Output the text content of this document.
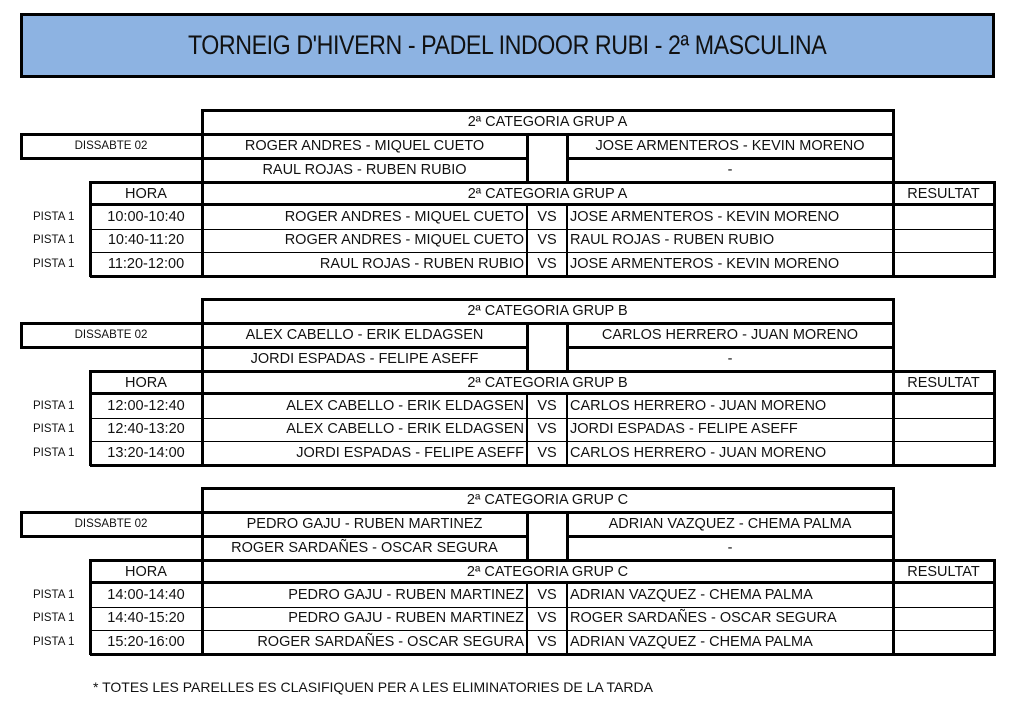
TORNEIG D'HIVERN - PADEL INDOOR RUBI - 2ª MASCULINA
2ª CATEGORIA GRUP A
DISSABTE 02	ROGER ANDRES - MIQUEL CUETO	JOSE ARMENTEROS - KEVIN MORENO
RAUL ROJAS - RUBEN RUBIO	-
HORA	2ª CATEGORIA GRUP A	RESULTAT
PISTA 1	10:00-10:40	ROGER ANDRES - MIQUEL CUETO VS JOSE ARMENTEROS - KEVIN MORENO
PISTA 1	10:40-11:20	ROGER ANDRES - MIQUEL CUETO VS RAUL ROJAS - RUBEN RUBIO
PISTA 1	11:20-12:00	RAUL ROJAS - RUBEN RUBIO VS JOSE ARMENTEROS - KEVIN MORENO
2ª CATEGORIA GRUP B
DISSABTE 02	ALEX CABELLO - ERIK ELDAGSEN	CARLOS HERRERO - JUAN MORENO
JORDI ESPADAS - FELIPE ASEFF	-
HORA	2ª CATEGORIA GRUP B	RESULTAT
PISTA 1	12:00-12:40	ALEX CABELLO - ERIK ELDAGSEN VS CARLOS HERRERO - JUAN MORENO
PISTA 1	12:40-13:20	ALEX CABELLO - ERIK ELDAGSEN VS JORDI ESPADAS - FELIPE ASEFF
PISTA 1	13:20-14:00	JORDI ESPADAS - FELIPE ASEFF VS CARLOS HERRERO - JUAN MORENO
2ª CATEGORIA GRUP C
DISSABTE 02	PEDRO GAJU - RUBEN MARTINEZ	ADRIAN VAZQUEZ - CHEMA PALMA
ROGER SARDAÑES - OSCAR SEGURA	-
HORA	2ª CATEGORIA GRUP C	RESULTAT
PISTA 1	14:00-14:40	PEDRO GAJU - RUBEN MARTINEZ VS ADRIAN VAZQUEZ - CHEMA PALMA
PISTA 1	14:40-15:20	PEDRO GAJU - RUBEN MARTINEZ VS ROGER SARDAÑES - OSCAR SEGURA
PISTA 1	15:20-16:00	ROGER SARDAÑES - OSCAR SEGURA VS ADRIAN VAZQUEZ - CHEMA PALMA
* TOTES LES PARELLES ES CLASIFIQUEN PER A LES ELIMINATORIES DE LA TARDA
